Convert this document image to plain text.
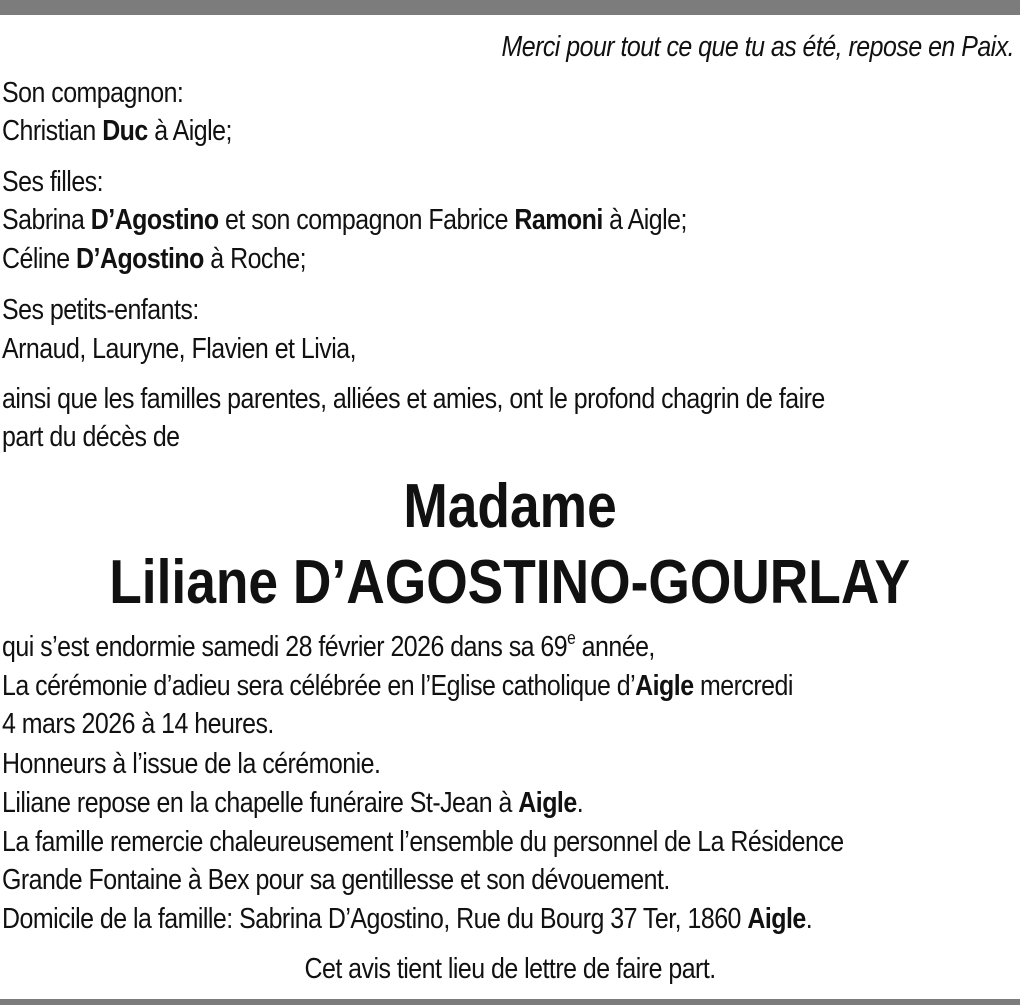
Merci pour tout ce que tu as été, repose en Paix.
Son compagnon:
Christian Duc à Aigle;
Ses filles:
Sabrina D’Agostino et son compagnon Fabrice Ramoni à Aigle;
Céline D’Agostino à Roche;
Ses petits-enfants:
Arnaud, Lauryne, Flavien et Livia,
ainsi que les familles parentes, alliées et amies, ont le profond chagrin de faire
part du décès de
Madame
Liliane D’AGOSTINO-GOURLAY
qui s’est endormie samedi 28 février 2026 dans sa 69e année,
La cérémonie d’adieu sera célébrée en l’Eglise catholique d’Aigle mercredi
4 mars 2026 à 14 heures.
Honneurs à l’issue de la cérémonie.
Liliane repose en la chapelle funéraire St-Jean à Aigle.
La famille remercie chaleureusement l’ensemble du personnel de La Résidence
Grande Fontaine à Bex pour sa gentillesse et son dévouement.
Domicile de la famille: Sabrina D’Agostino, Rue du Bourg 37 Ter, 1860 Aigle.
Cet avis tient lieu de lettre de faire part.
